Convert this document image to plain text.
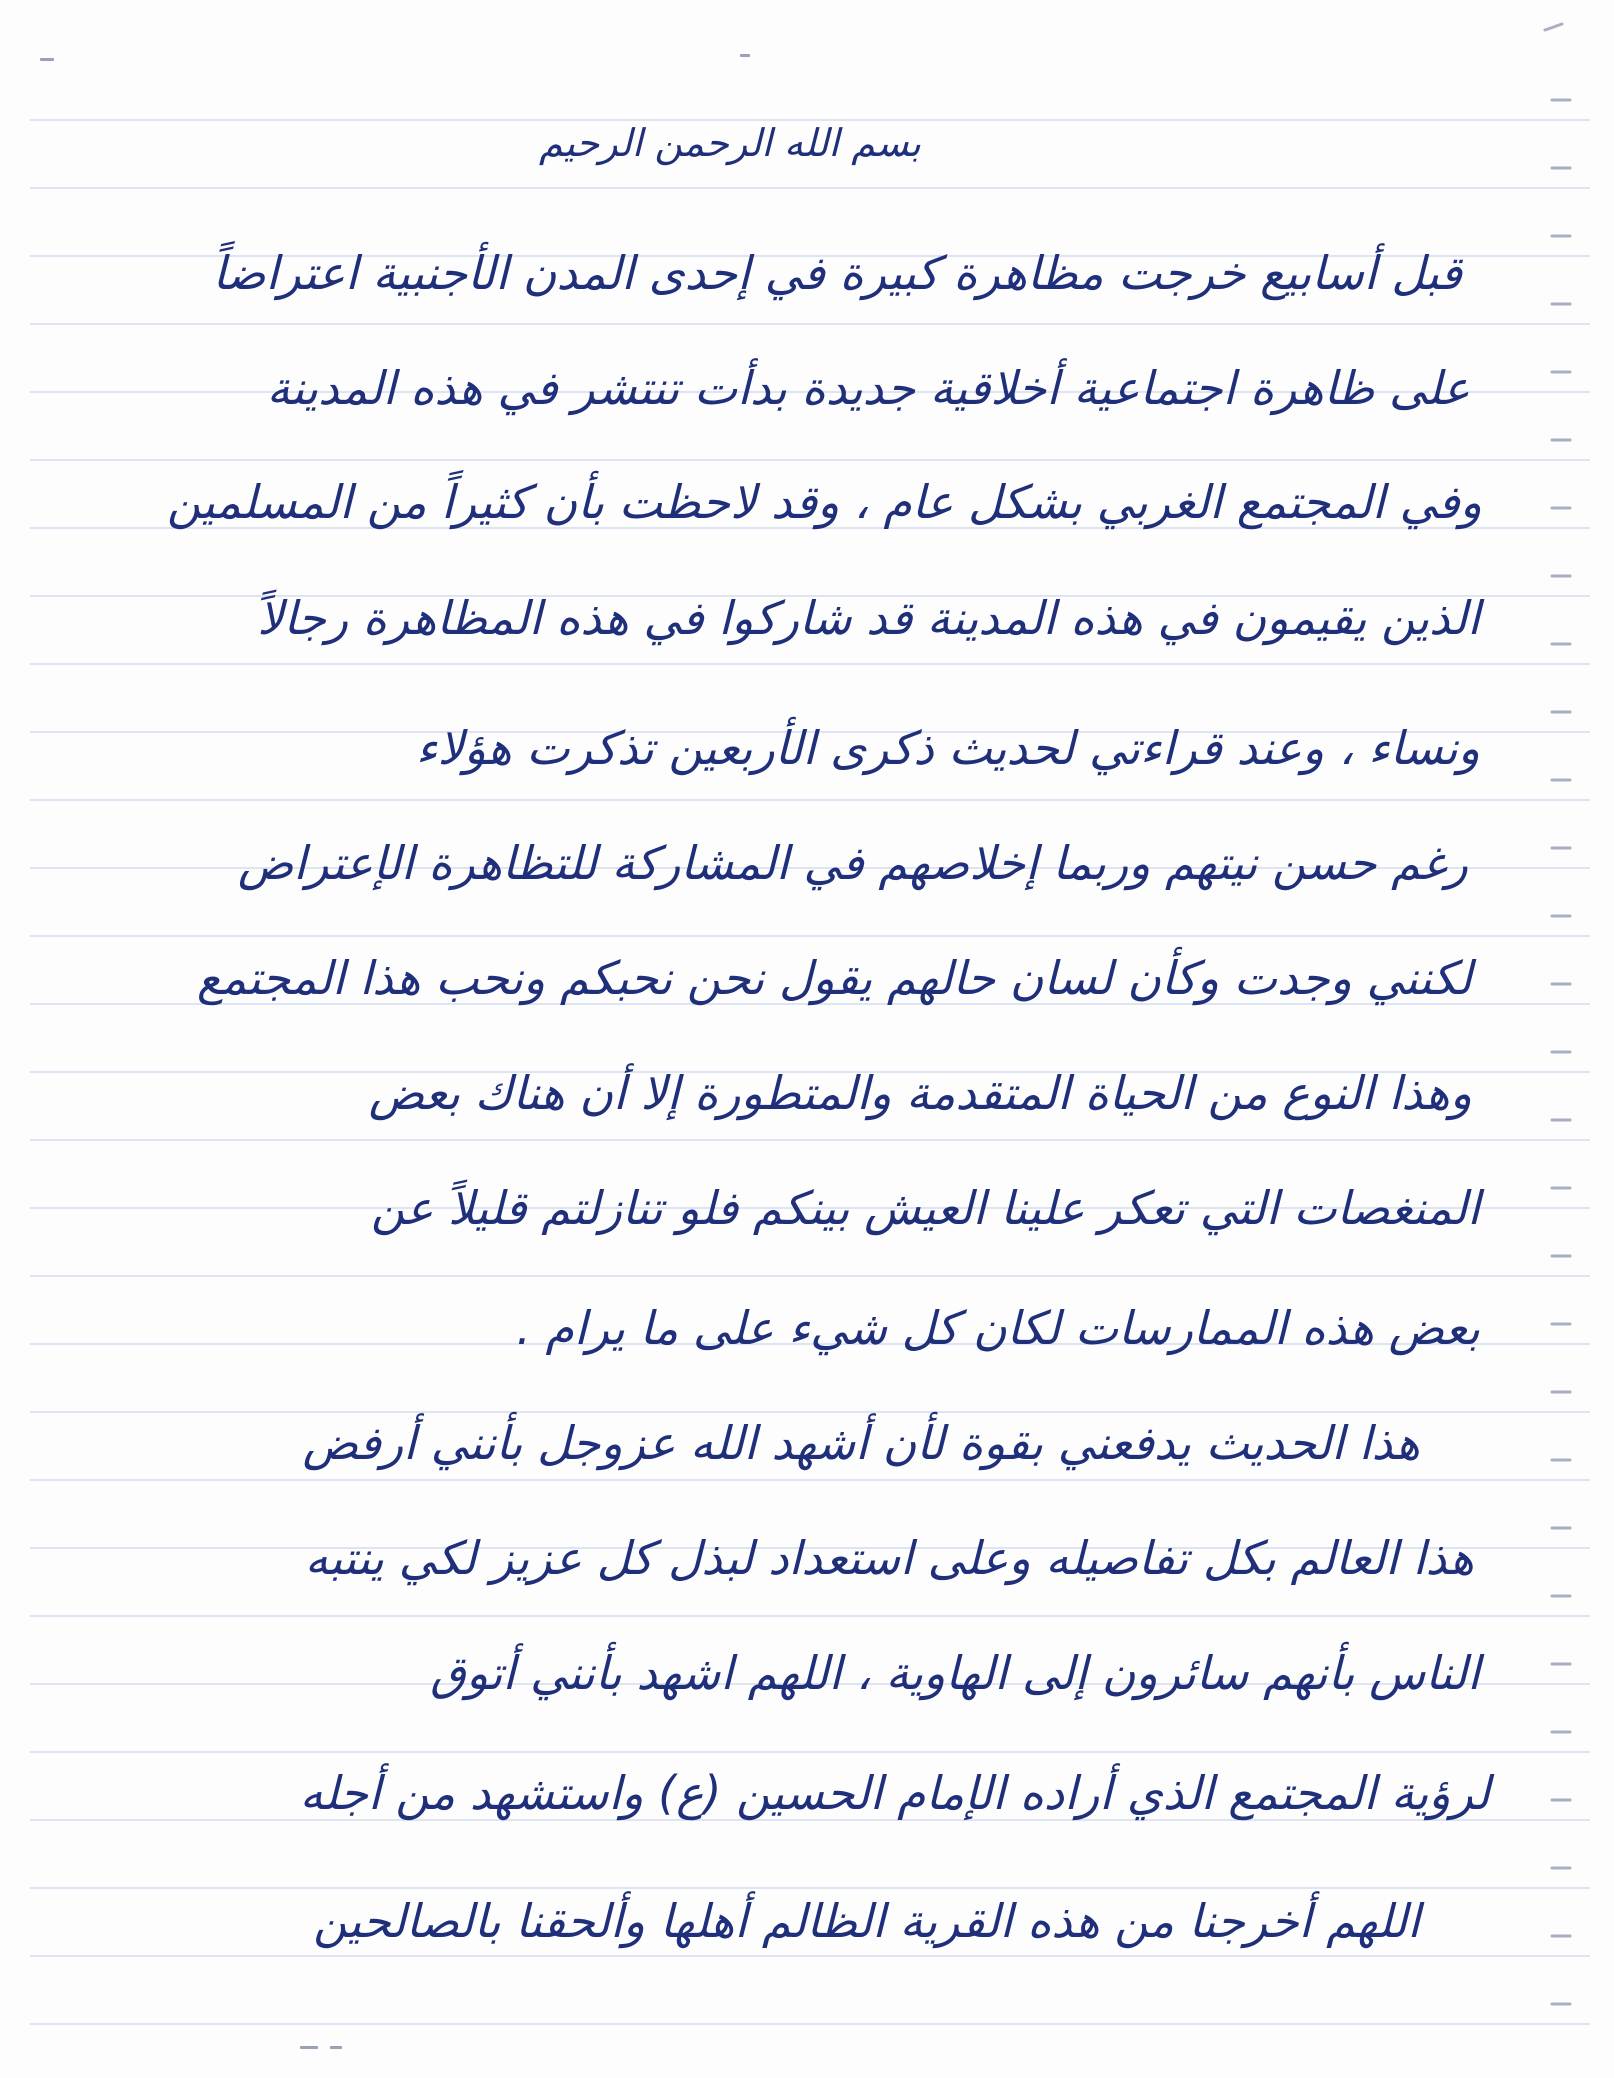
بسم الله الرحمن الرحيم
قبل أسابيع خرجت مظاهرة كبيرة في إحدى المدن الأجنبية اعتراضاً
على ظاهرة اجتماعية أخلاقية جديدة بدأت تنتشر في هذه المدينة
وفي المجتمع الغربي بشكل عام ، وقد لاحظت بأن كثيراً من المسلمين
الذين يقيمون في هذه المدينة قد شاركوا في هذه المظاهرة رجالاً
ونساء ، وعند قراءتي لحديث ذكرى الأربعين تذكرت هؤلاء
رغم حسن نيتهم وربما إخلاصهم في المشاركة للتظاهرة الإعتراض
لكنني وجدت وكأن لسان حالهم يقول نحن نحبكم ونحب هذا المجتمع
وهذا النوع من الحياة المتقدمة والمتطورة إلا أن هناك بعض
المنغصات التي تعكر علينا العيش بينكم فلو تنازلتم قليلاً عن
بعض هذه الممارسات لكان كل شيء على ما يرام .
هذا الحديث يدفعني بقوة لأن أشهد الله عزوجل بأنني أرفض
هذا العالم بكل تفاصيله وعلى استعداد لبذل كل عزيز لكي ينتبه
الناس بأنهم سائرون إلى الهاوية ، اللهم اشهد بأنني أتوق
لرؤية المجتمع الذي أراده الإمام الحسين (ع) واستشهد من أجله
اللهم أخرجنا من هذه القرية الظالم أهلها وألحقنا بالصالحين
